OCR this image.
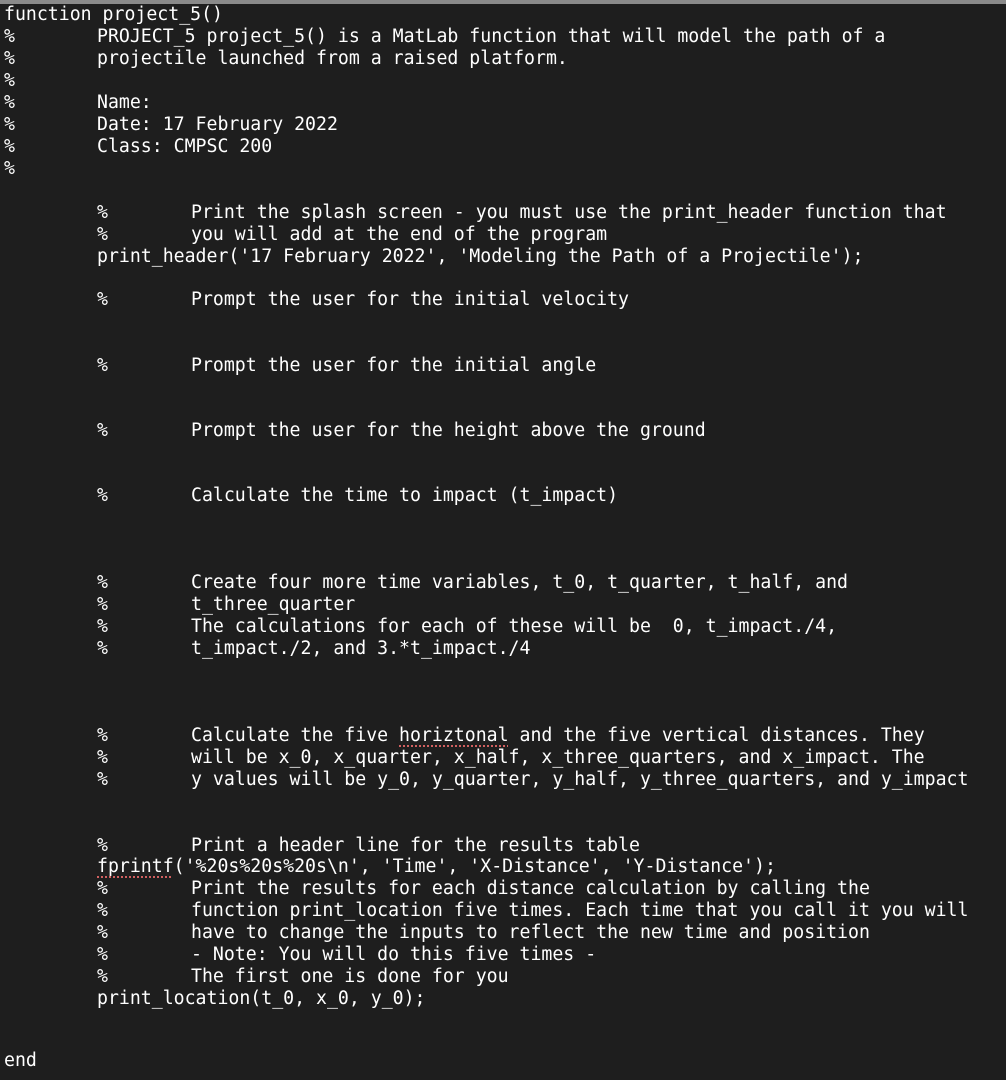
function project_5()
%	PROJECT_5 project_5() is a MatLab function that will model the path of a
%	projectile launched from a raised platform.
%
%	Name:
%	Date: 17 February 2022
%	Class: CMPSC 200
%
%	Print the splash screen - you must use the print_header function that
%	you will add at the end of the program
print_header('17 February 2022', 'Modeling the Path of a Projectile');
%	Prompt the user for the initial velocity
%	Prompt the user for the initial angle
%	Prompt the user for the height above the ground
%	Calculate the time to impact (t_impact)
%	Create four more time variables, t_0, t_quarter, t_half, and
%	t_three_quarter
%	The calculations for each of these will be  0, t_impact./4,
%	t_impact./2, and 3.*t_impact./4
%	Calculate the five horiztonal and the five vertical distances. They
%	will be x_0, x_quarter, x_half, x_three_quarters, and x_impact. The
%	y values will be y_0, y_quarter, y_half, y_three_quarters, and y_impact
%	Print a header line for the results table
fprintf('%20s%20s%20s\n', 'Time', 'X-Distance', 'Y-Distance');
%	Print the results for each distance calculation by calling the
%	function print_location five times. Each time that you call it you will
%	have to change the inputs to reflect the new time and position
%	- Note: You will do this five times -
%	The first one is done for you
print_location(t_0, x_0, y_0);
end
